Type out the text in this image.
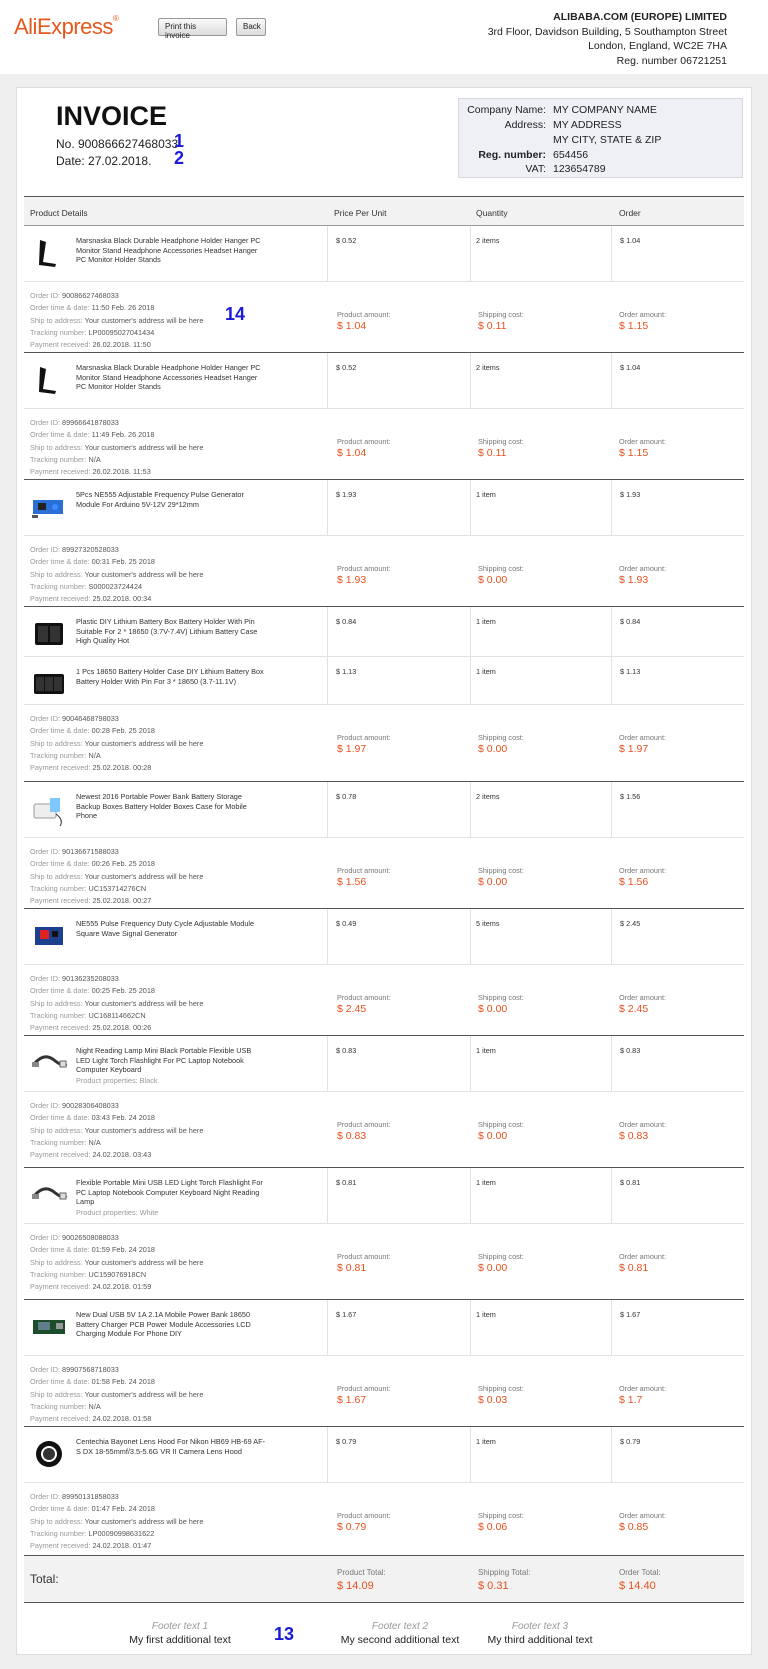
AliExpress®
Print this invoice
Back
ALIBABA.COM (EUROPE) LIMITED
3rd Floor, Davidson Building, 5 Southampton Street
London, England, WC2E 7HA
Reg. number 06721251
INVOICE
No. 900866627468033
Date: 27.02.2018.
1
2
Company Name: MY COMPANY NAME
Address: MY ADDRESS
MY CITY, STATE & ZIP
Reg. number: 654456
VAT: 123654789
Product Details	Price Per Unit	Quantity	Order
Marsnaska Black Durable Headphone Holder Hanger PC Monitor Stand Headphone Accessories Headset Hanger PC Monitor Holder Stands
$ 0.52	2 items	$ 1.04
Order ID: 90086627468033
Order time & date: 11:50 Feb. 26 2018
Ship to address: Your customer's address will be here
Tracking number: LP00095027041434
Payment received: 26.02.2018. 11:50
Product amount:
$ 1.04
Shipping cost:
$ 0.11
Order amount:
$ 1.15
Marsnaska Black Durable Headphone Holder Hanger PC Monitor Stand Headphone Accessories Headset Hanger PC Monitor Holder Stands
$ 0.52	2 items	$ 1.04
Order ID: 89966641878033
Order time & date: 11:49 Feb. 26 2018
Ship to address: Your customer's address will be here
Tracking number: N/A
Payment received: 26.02.2018. 11:53
Product amount:
$ 1.04
Shipping cost:
$ 0.11
Order amount:
$ 1.15
5Pcs NE555 Adjustable Frequency Pulse Generator Module For Arduino 5V-12V 29*12mm
$ 1.93	1 item	$ 1.93
Order ID: 89927320528033
Order time & date: 00:31 Feb. 25 2018
Ship to address: Your customer's address will be here
Tracking number: S000023724424
Payment received: 25.02.2018. 00:34
Product amount:
$ 1.93
Shipping cost:
$ 0.00
Order amount:
$ 1.93
Plastic DIY Lithium Battery Box Battery Holder With Pin Suitable For 2 * 18650 (3.7V-7.4V) Lithium Battery Case High Quality Hot
$ 0.84	1 item	$ 0.84
1 Pcs 18650 Battery Holder Case DIY Lithium Battery Box Battery Holder With Pin For 3 * 18650 (3.7-11.1V)
$ 1.13	1 item	$ 1.13
Order ID: 90046468798033
Order time & date: 00:28 Feb. 25 2018
Ship to address: Your customer's address will be here
Tracking number: N/A
Payment received: 25.02.2018. 00:28
Product amount:
$ 1.97
Shipping cost:
$ 0.00
Order amount:
$ 1.97
Newest 2016 Portable Power Bank Battery Storage Backup Boxes Battery Holder Boxes Case for Mobile Phone
$ 0.78	2 items	$ 1.56
Order ID: 90136671588033
Order time & date: 00:26 Feb. 25 2018
Ship to address: Your customer's address will be here
Tracking number: UC153714276CN
Payment received: 25.02.2018. 00:27
Product amount:
$ 1.56
Shipping cost:
$ 0.00
Order amount:
$ 1.56
NE555 Pulse Frequency Duty Cycle Adjustable Module Square Wave Signal Generator
$ 0.49	5 items	$ 2.45
Order ID: 90136235208033
Order time & date: 00:25 Feb. 25 2018
Ship to address: Your customer's address will be here
Tracking number: UC168114662CN
Payment received: 25.02.2018. 00:26
Product amount:
$ 2.45
Shipping cost:
$ 0.00
Order amount:
$ 2.45
Night Reading Lamp Mini Black Portable Flexible USB LED Light Torch Flashlight For PC Laptop Notebook Computer Keyboard
Product properties: Black
$ 0.83	1 item	$ 0.83
Order ID: 90028306408033
Order time & date: 03:43 Feb. 24 2018
Ship to address: Your customer's address will be here
Tracking number: N/A
Payment received: 24.02.2018. 03:43
Product amount:
$ 0.83
Shipping cost:
$ 0.00
Order amount:
$ 0.83
Flexible Portable Mini USB LED Light Torch Flashlight For PC Laptop Notebook Computer Keyboard Night Reading Lamp
Product properties: White
$ 0.81	1 item	$ 0.81
Order ID: 90026508088033
Order time & date: 01:59 Feb. 24 2018
Ship to address: Your customer's address will be here
Tracking number: UC159076918CN
Payment received: 24.02.2018. 01:59
Product amount:
$ 0.81
Shipping cost:
$ 0.00
Order amount:
$ 0.81
New Dual USB 5V 1A 2.1A Mobile Power Bank 18650 Battery Charger PCB Power Module Accessories LCD Charging Module For Phone DIY
$ 1.67	1 item	$ 1.67
Order ID: 89907568718033
Order time & date: 01:58 Feb. 24 2018
Ship to address: Your customer's address will be here
Tracking number: N/A
Payment received: 24.02.2018. 01:58
Product amount:
$ 1.67
Shipping cost:
$ 0.03
Order amount:
$ 1.7
Centechia Bayonet Lens Hood For Nikon HB69 HB-69 AF-S DX 18-55mmf/3.5-5.6G VR II Camera Lens Hood
$ 0.79	1 item	$ 0.79
Order ID: 89950131858033
Order time & date: 01:47 Feb. 24 2018
Ship to address: Your customer's address will be here
Tracking number: LP00090998631622
Payment received: 24.02.2018. 01:47
Product amount:
$ 0.79
Shipping cost:
$ 0.06
Order amount:
$ 0.85
14
Total:	Product Total:
$ 14.09
Shipping Total:
$ 0.31
Order Total:
$ 14.40
Footer text 1
My first additional text	13	Footer text 2
My second additional text
Footer text 3
My third additional text
